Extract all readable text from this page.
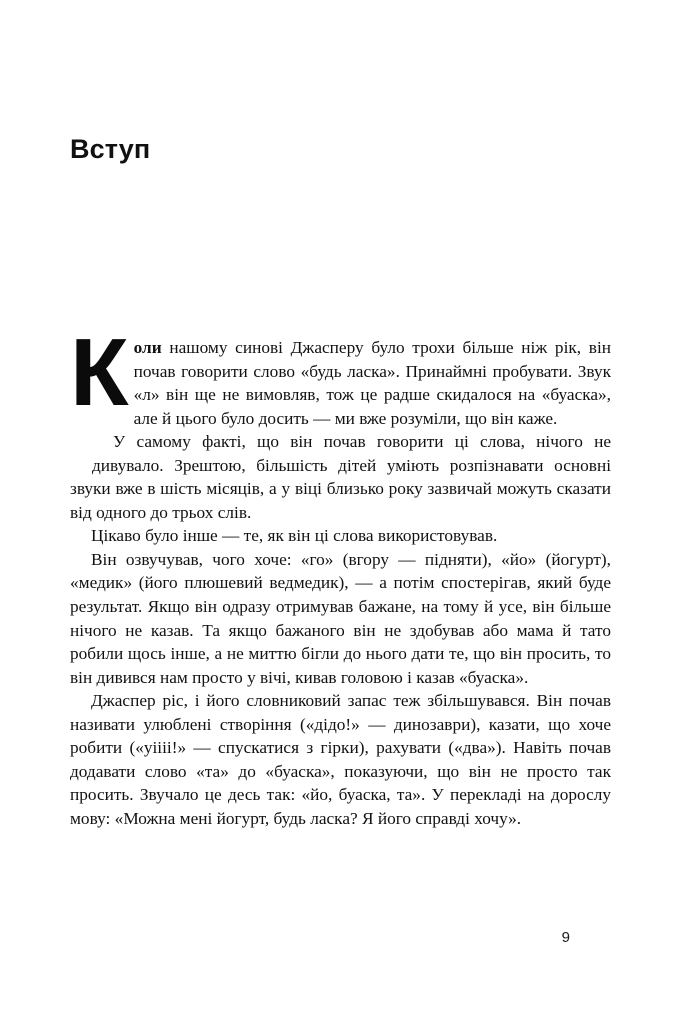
Вступ

Коли нашому синові Джасперу було трохи більше ніж рік, він почав говорити слово «будь ласка». Принаймні пробувати. Звук «л» він ще не вимовляв, тож це радше скидалося на «буаска», але й цього було досить — ми вже розуміли, що він каже.

У самому факті, що він почав говорити ці слова, нічого не дивувало. Зрештою, більшість дітей уміють розпізнавати основні звуки вже в шість місяців, а у віці близько року зазвичай можуть сказати від одного до трьох слів.

Цікаво було інше — те, як він ці слова використовував.

Він озвучував, чого хоче: «го» (вгору — підняти), «йо» (йогурт), «медик» (його плюшевий ведмедик), — а потім спостерігав, який буде результат. Якщо він одразу отримував бажане, на тому й усе, він більше нічого не казав. Та якщо бажаного він не здобував або мама й тато робили щось інше, а не миттю бігли до нього дати те, що він просить, то він дивився нам просто у вічі, кивав головою і казав «буаска».

Джаспер ріс, і його словниковий запас теж збільшувався. Він почав називати улюблені створіння («дідо!» — динозаври), казати, що хоче робити («уіііі!» — спускатися з гірки), рахувати («два»). Навіть почав додавати слово «та» до «буаска», показуючи, що він не просто так просить. Звучало це десь так: «йо, буаска, та». У перекладі на дорослу мову: «Можна мені йогурт, будь ласка? Я його справді хочу».

9
